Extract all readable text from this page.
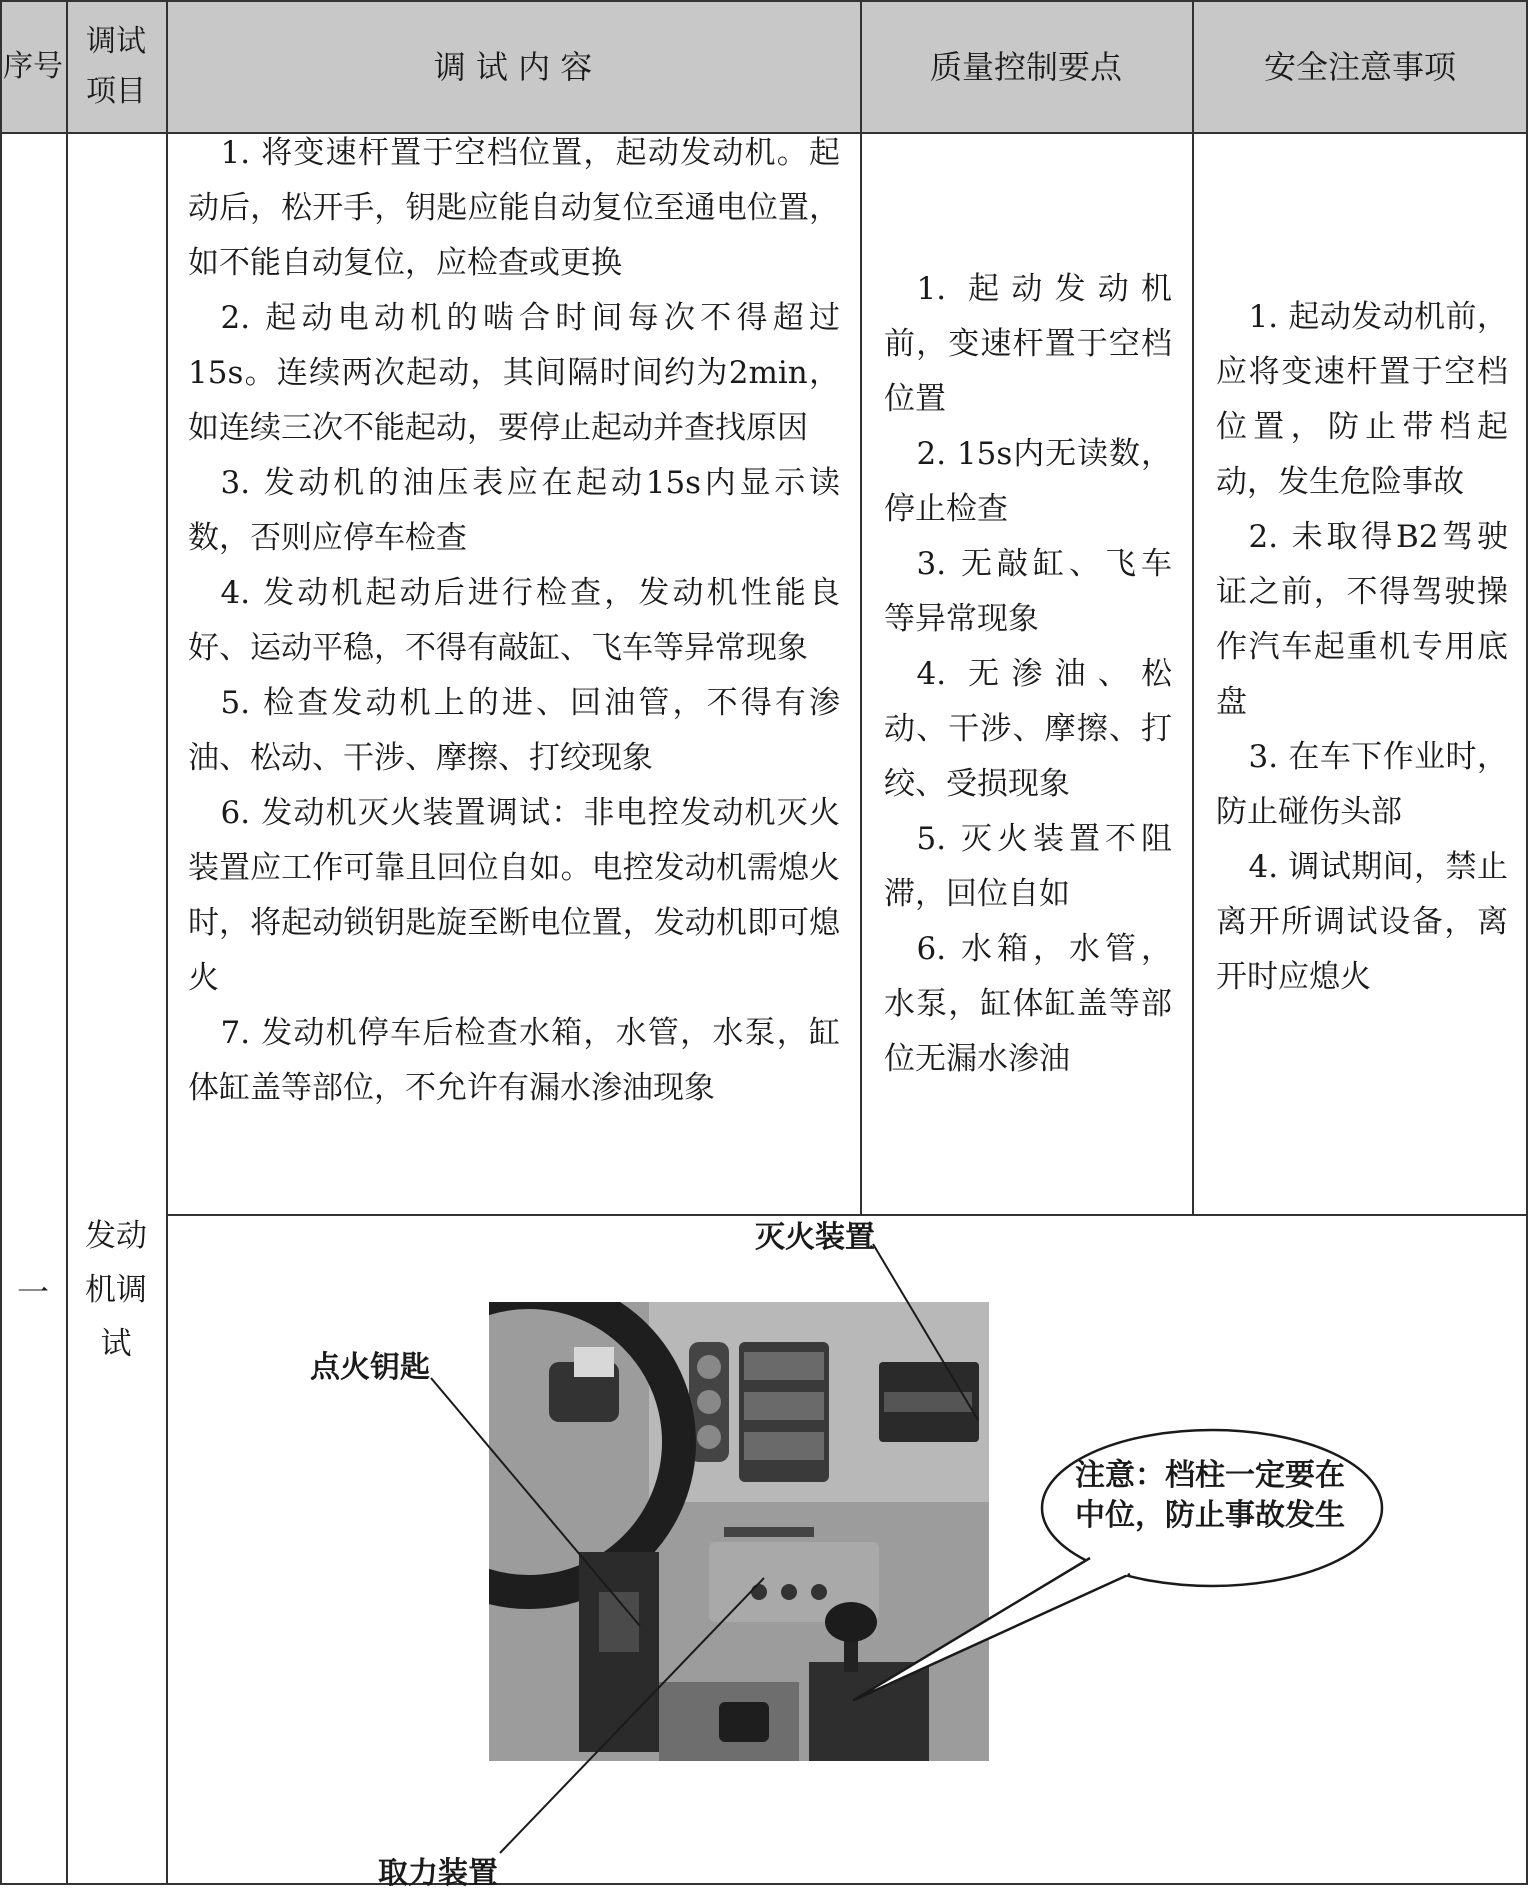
序号
调试项目
调 试 内 容	质量控制要点	安全注意事项
一
发动机调试

1. 将变速杆置于空档位置，起动发动机。起动后，松开手，钥匙应能自动复位至通电位置，如不能自动复位，应检查或更换

2. 起动电动机的啮合时间每次不得超过15s。连续两次起动，其间隔时间约为2min，如连续三次不能起动，要停止起动并查找原因

3. 发动机的油压表应在起动15s内显示读数，否则应停车检查

4. 发动机起动后进行检查，发动机性能良好、运动平稳，不得有敲缸、飞车等异常现象

5. 检查发动机上的进、回油管，不得有渗油、松动、干涉、摩擦、打绞现象

6. 发动机灭火装置调试：非电控发动机灭火装置应工作可靠且回位自如。电控发动机需熄火时，将起动锁钥匙旋至断电位置，发动机即可熄火

7. 发动机停车后检查水箱，水管，水泵，缸体缸盖等部位，不允许有漏水渗油现象

1. 起动发动机前，变速杆置于空档位置

2. 15s内无读数，停止检查

3. 无敲缸、飞车等异常现象

4. 无渗油、松动、干涉、摩擦、打绞、受损现象

5. 灭火装置不阻滞，回位自如

6. 水箱，水管，水泵，缸体缸盖等部位无漏水渗油

1. 起动发动机前，应将变速杆置于空档位置，防止带档起动，发生危险事故

2. 未取得B2驾驶证之前，不得驾驶操作汽车起重机专用底盘

3. 在车下作业时，防止碰伤头部

4. 调试期间，禁止离开所调试设备，离开时应熄火

灭火装置
点火钥匙
取力装置
注意：档柱一定要在
中位，防止事故发生
